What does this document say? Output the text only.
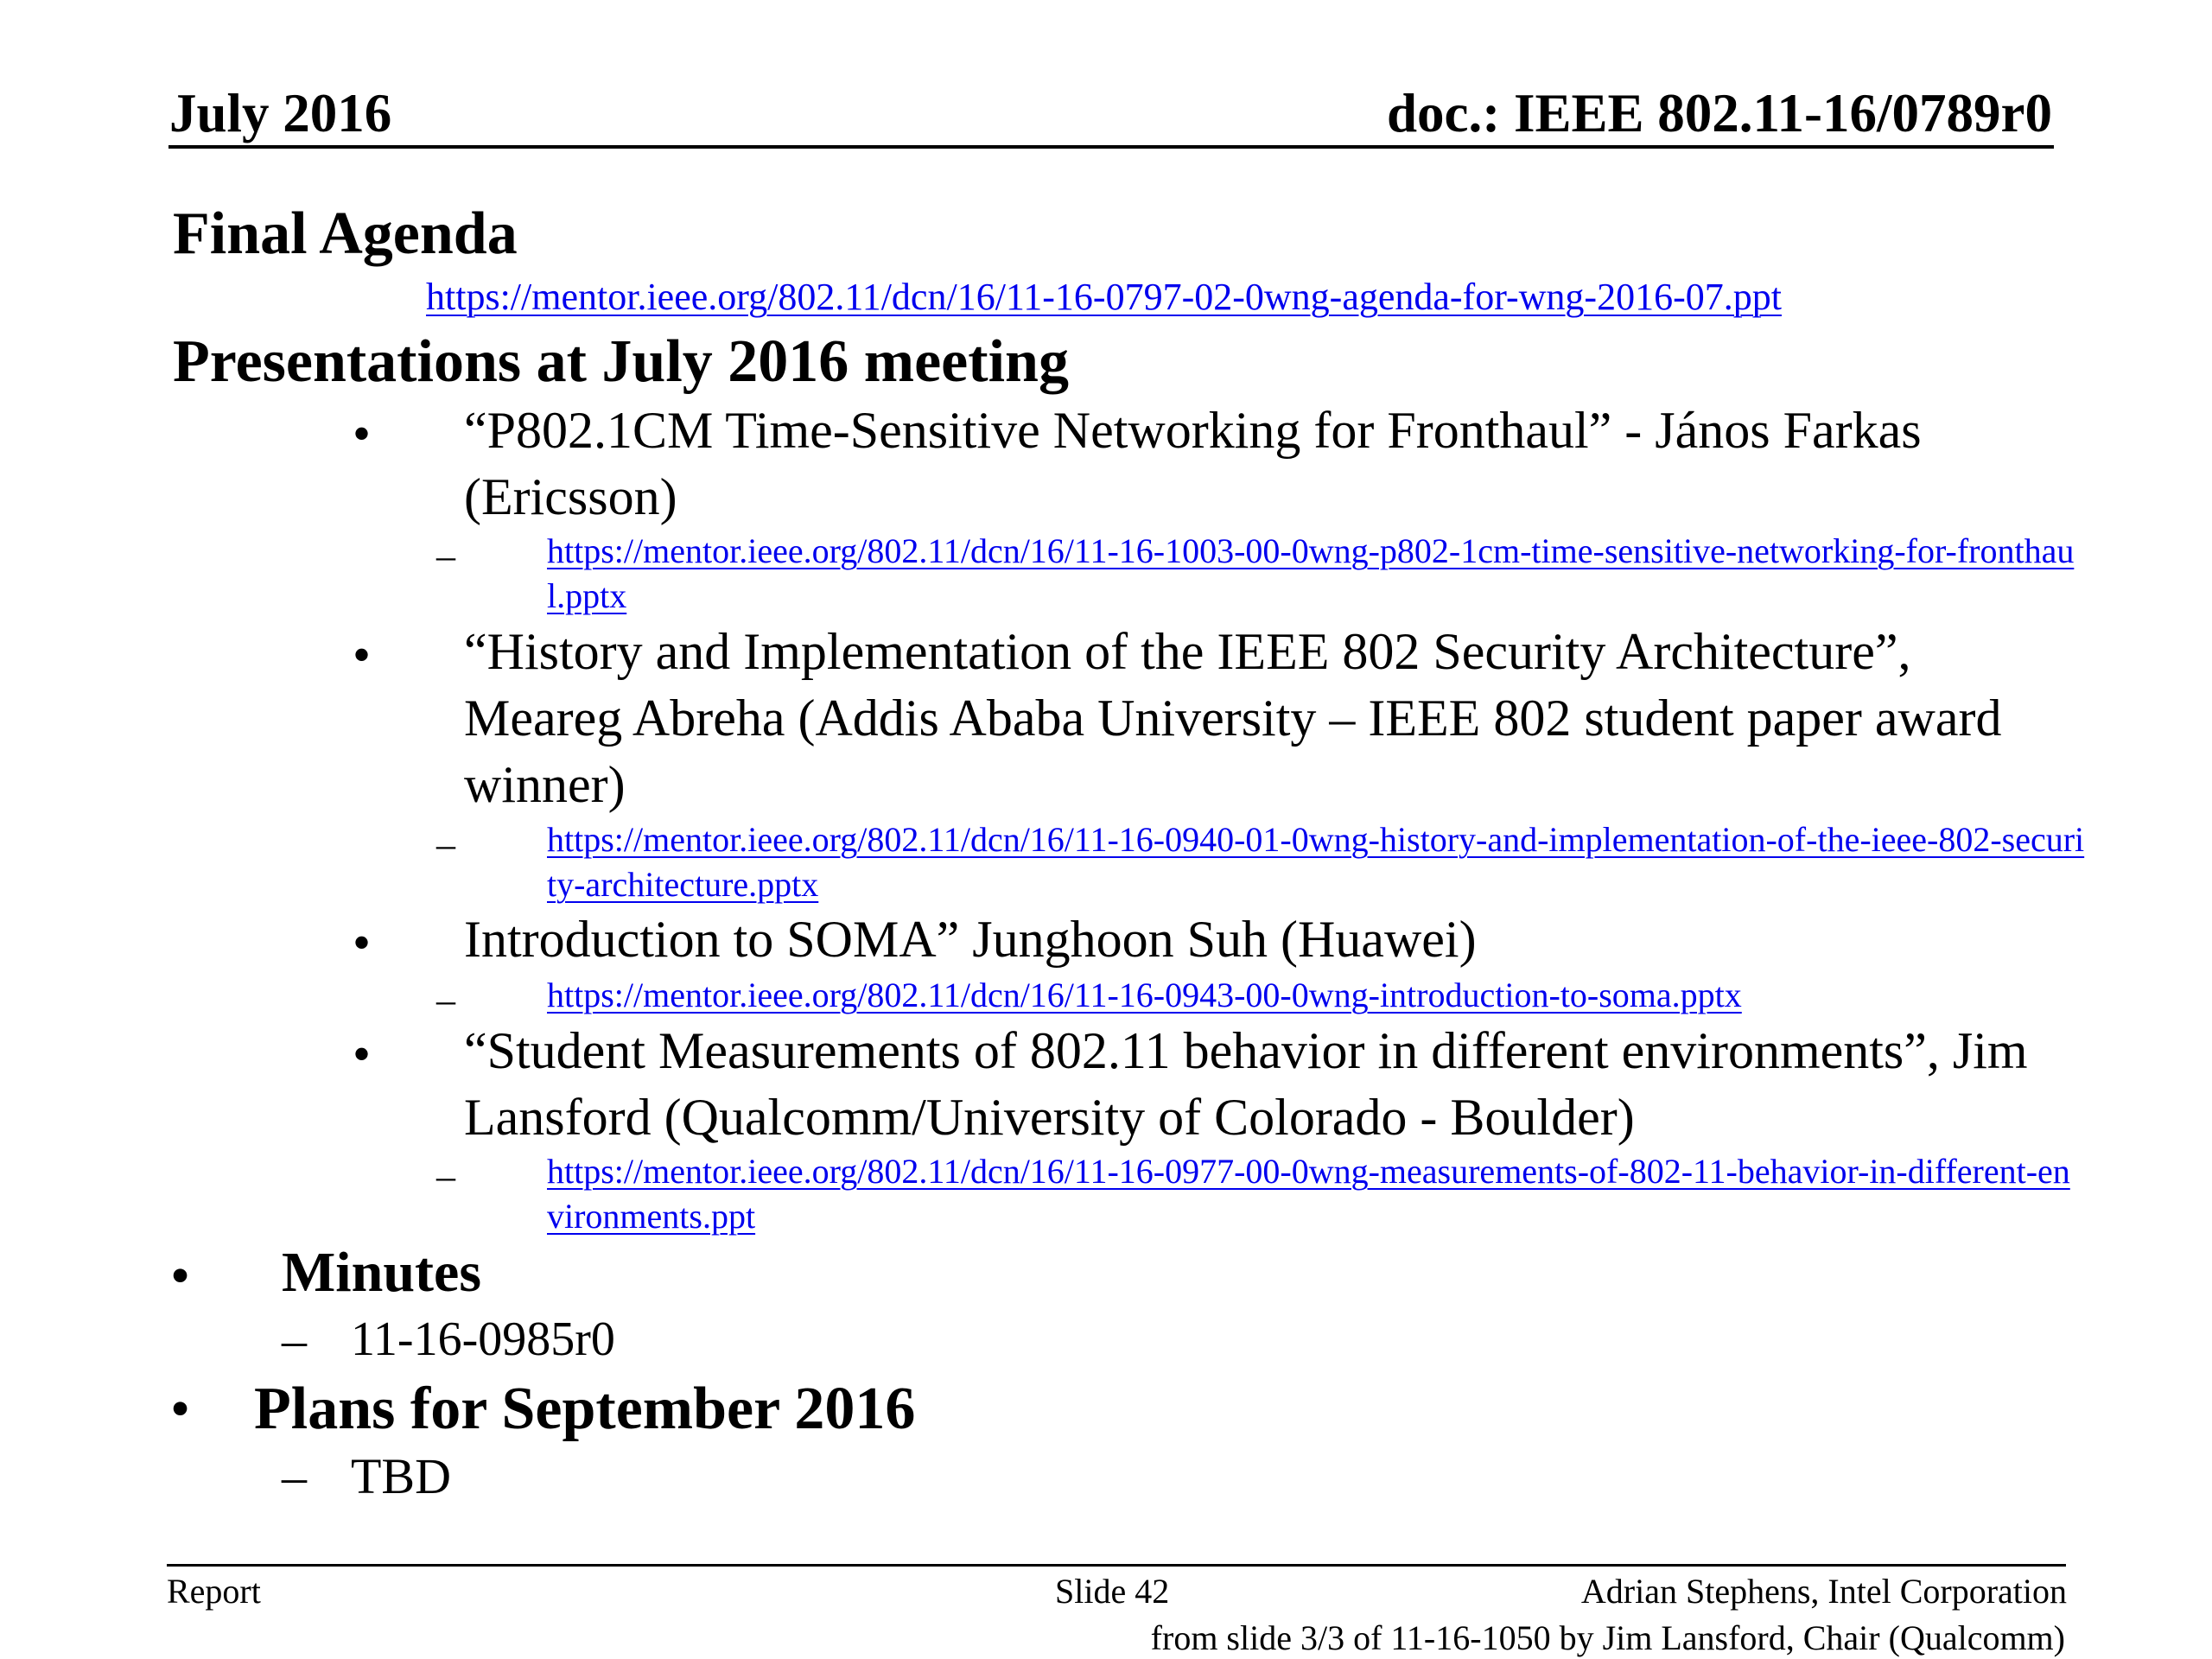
July 2016	doc.: IEEE 802.11-16/0789r0
Final Agenda
https://mentor.ieee.org/802.11/dcn/16/11-16-0797-02-0wng-agenda-for-wng-2016-07.ppt
Presentations at July 2016 meeting
• “P802.1CM Time-Sensitive Networking for Fronthaul” - János Farkas (Ericsson)
–	https://mentor.ieee.org/802.11/dcn/16/11-16-1003-00-0wng-p802-1cm-time-sensitive-networking-for-fronthaul.pptx
• “History and Implementation of the IEEE 802 Security Architecture”, Meareg Abreha (Addis Ababa University – IEEE 802 student paper award winner)
–	https://mentor.ieee.org/802.11/dcn/16/11-16-0940-01-0wng-history-and-implementation-of-the-ieee-802-security-architecture.pptx
• Introduction to SOMA” Junghoon Suh (Huawei)
–	https://mentor.ieee.org/802.11/dcn/16/11-16-0943-00-0wng-introduction-to-soma.pptx
• “Student Measurements of 802.11 behavior in different environments”, Jim Lansford (Qualcomm/University of Colorado - Boulder)
–	https://mentor.ieee.org/802.11/dcn/16/11-16-0977-00-0wng-measurements-of-802-11-behavior-in-different-environments.ppt
• Minutes
– 11-16-0985r0
• Plans for September 2016
– TBD
Report	Slide 42	Adrian Stephens, Intel Corporation
from slide 3/3 of 11-16-1050 by Jim Lansford, Chair (Qualcomm)
